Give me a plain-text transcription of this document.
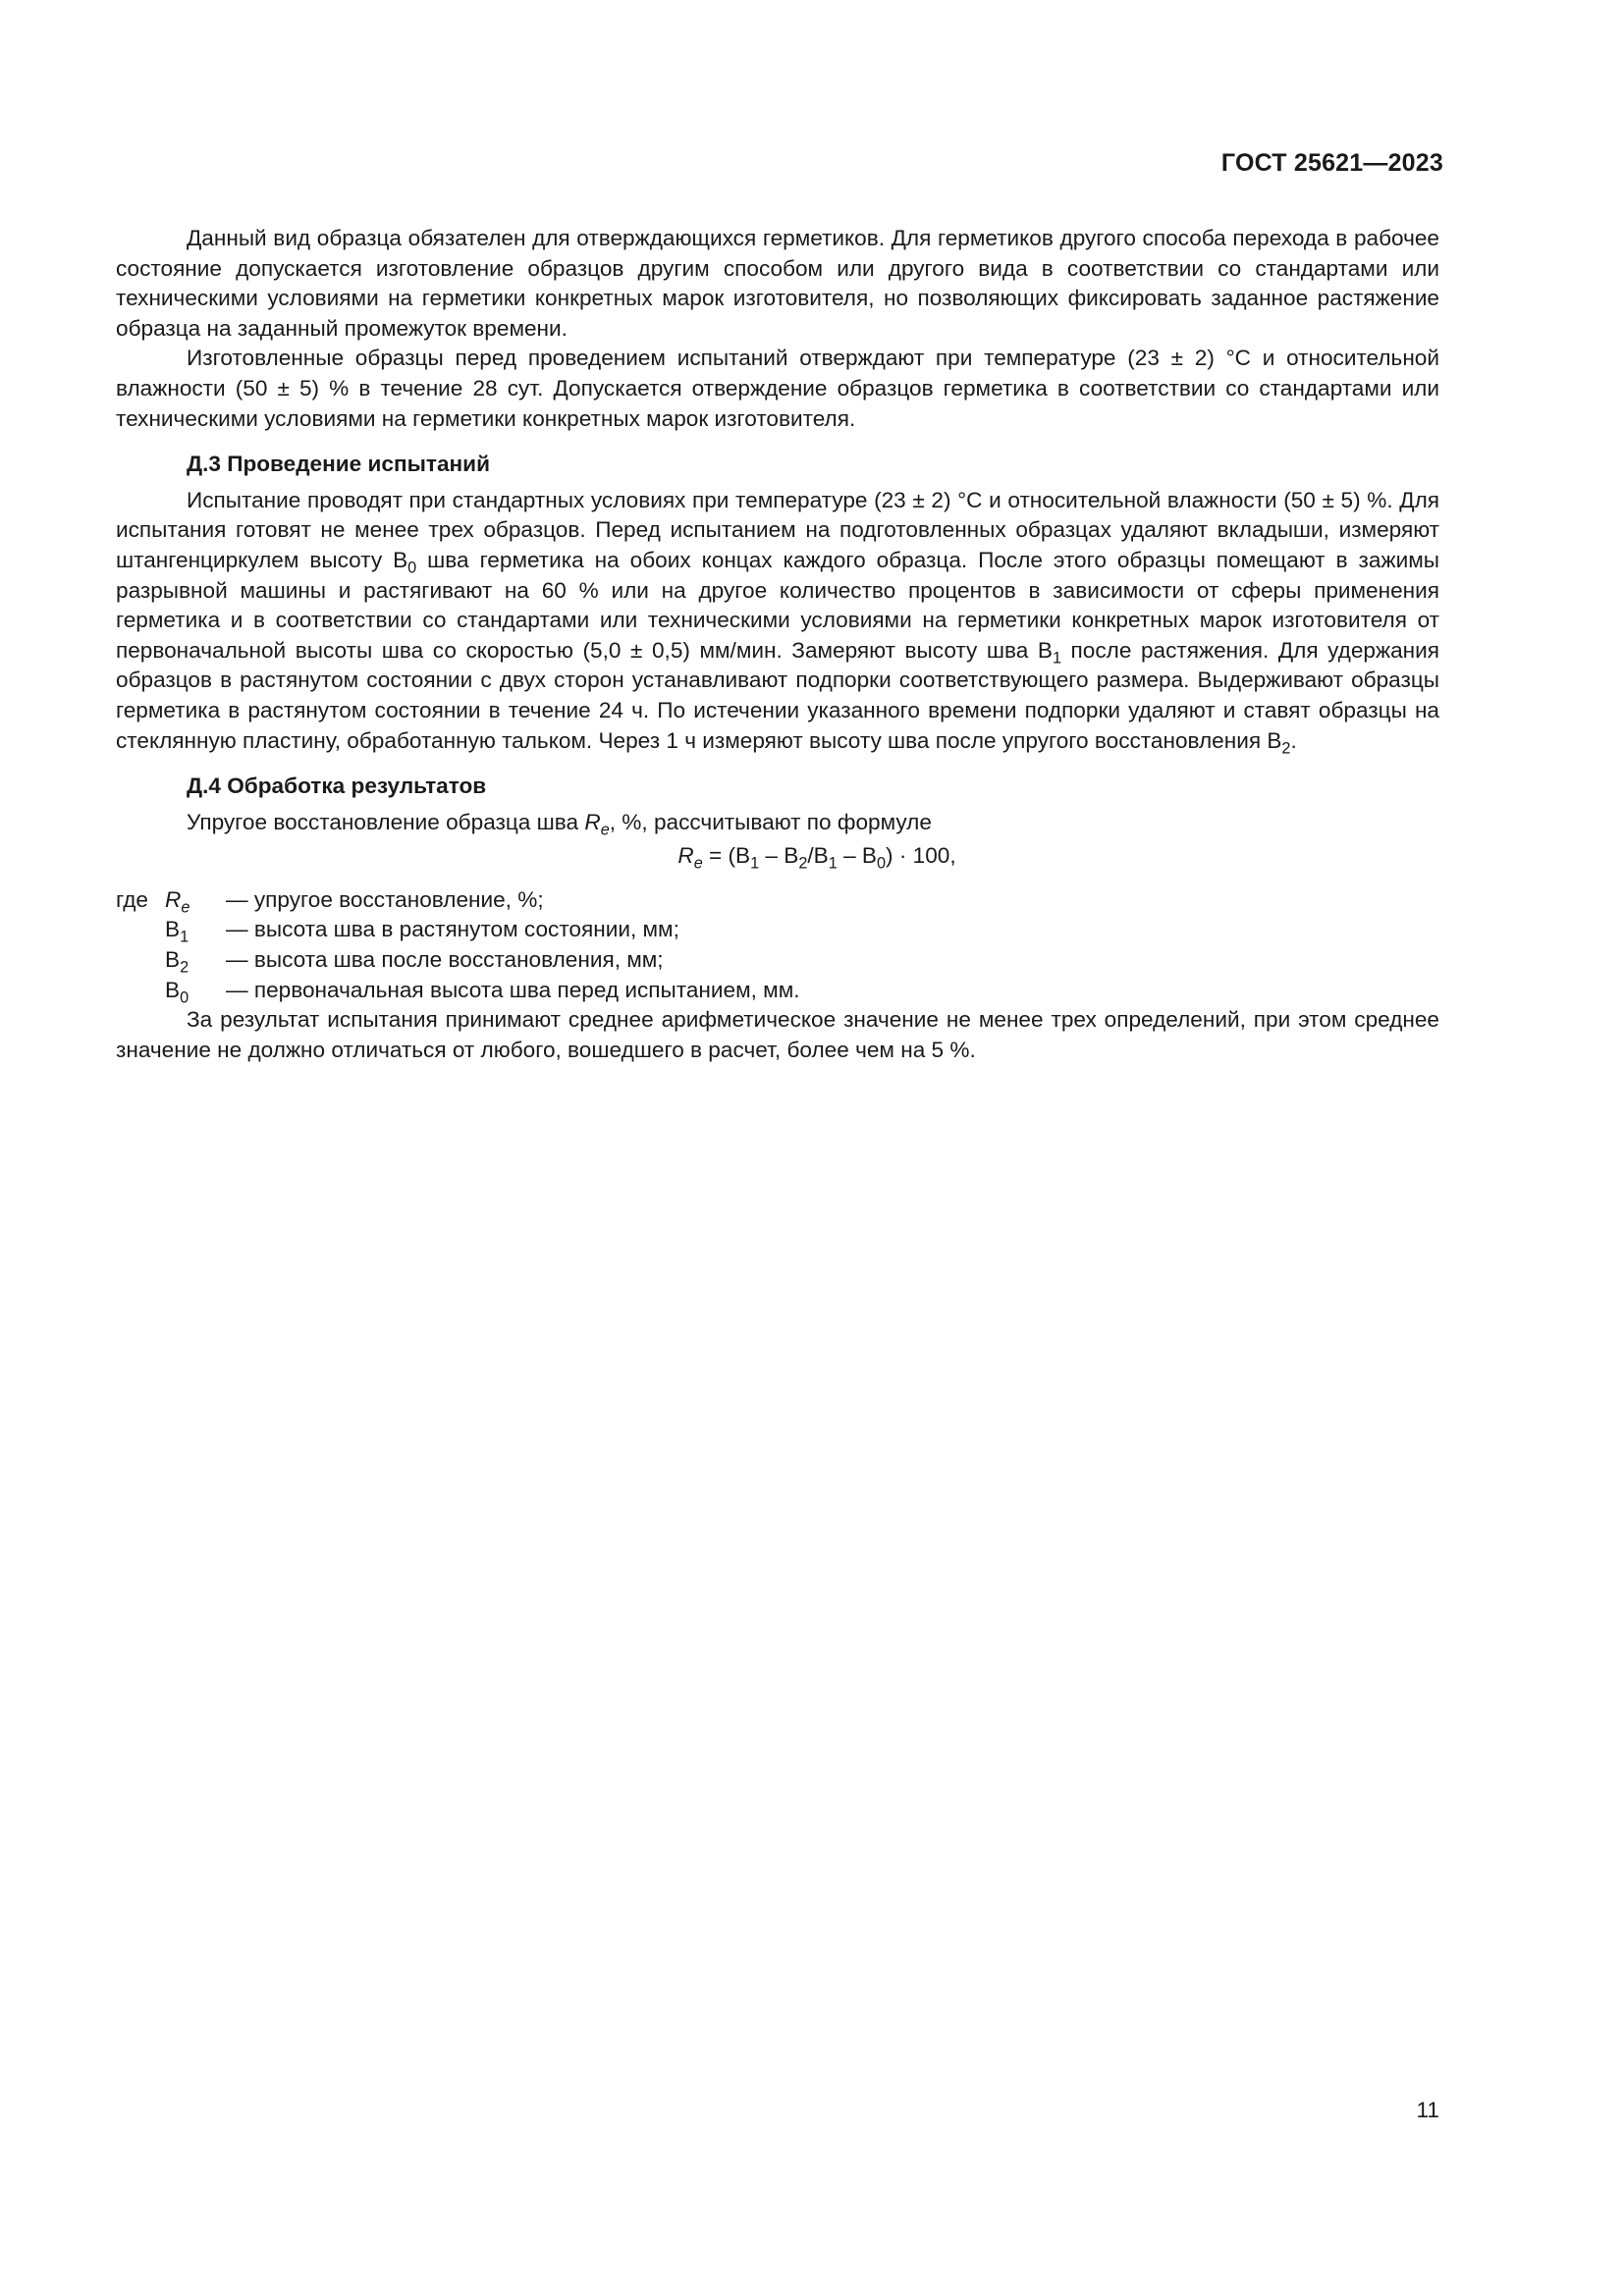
ГОСТ 25621—2023

Данный вид образца обязателен для отверждающихся герметиков. Для герметиков другого способа перехода в рабочее состояние допускается изготовление образцов другим способом или другого вида в соответствии со стандартами или техническими условиями на герметики конкретных марок изготовителя, но позволяющих фиксировать заданное растяжение образца на заданный промежуток времени.

Изготовленные образцы перед проведением испытаний отверждают при температуре (23 ± 2) °C и относительной влажности (50 ± 5) % в течение 28 сут. Допускается отверждение образцов герметика в соответствии со стандартами или техническими условиями на герметики конкретных марок изготовителя.

Д.3 Проведение испытаний

Испытание проводят при стандартных условиях при температуре (23 ± 2) °C и относительной влажности (50 ± 5) %. Для испытания готовят не менее трех образцов. Перед испытанием на подготовленных образцах удаляют вкладыши, измеряют штангенциркулем высоту $В_0$ шва герметика на обоих концах каждого образца. После этого образцы помещают в зажимы разрывной машины и растягивают на 60 % или на другое количество процентов в зависимости от сферы применения герметика и в соответствии со стандартами или техническими условиями на герметики конкретных марок изготовителя от первоначальной высоты шва со скоростью (5,0 ± 0,5) мм/мин. Замеряют высоту шва $В_1$ после растяжения. Для удержания образцов в растянутом состоянии с двух сторон устанавливают подпорки соответствующего размера. Выдерживают образцы герметика в растянутом состоянии в течение 24 ч. По истечении указанного времени подпорки удаляют и ставят образцы на стеклянную пластину, обработанную тальком. Через 1 ч измеряют высоту шва после упругого восстановления $В_2$.

Д.4 Обработка результатов

Упругое восстановление образца шва $R_e$, %, рассчитывают по формуле

$R_e = (В_1 - В_2/В_1 - В_0) \cdot 100$,
где $R_e$	— упругое восстановление, %;
$В_1$	— высота шва в растянутом состоянии, мм;
$В_2$	— высота шва после восстановления, мм;
$В_0$	— первоначальная высота шва перед испытанием, мм.

За результат испытания принимают среднее арифметическое значение не менее трех определений, при этом среднее значение не должно отличаться от любого, вошедшего в расчет, более чем на 5 %.

11
